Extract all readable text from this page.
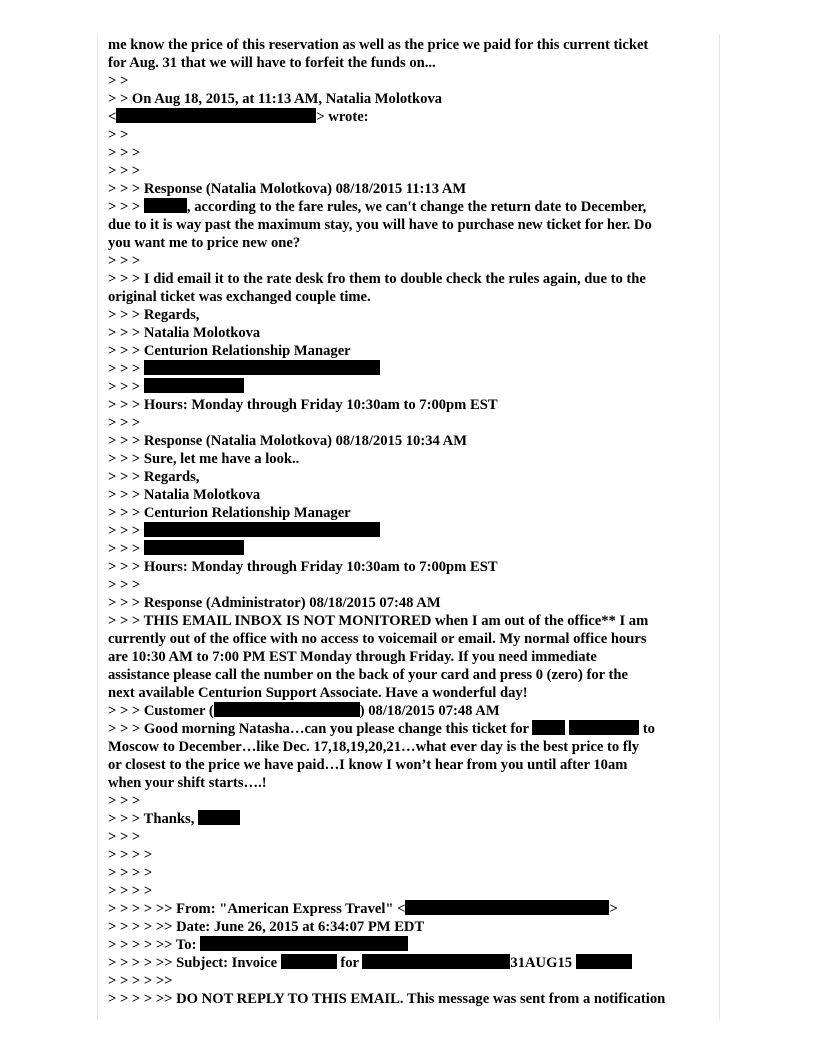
me know the price of this reservation as well as the price we paid for this current ticket
for Aug. 31 that we will have to forfeit the funds on...
> >
> > On Aug 18, 2015, at 11:13 AM, Natalia Molotkova
<	> wrote:
> >
> > >
> > >
> > > Response (Natalia Molotkova) 08/18/2015 11:13 AM
> > >	, according to the fare rules, we can't change the return date to December,
due to it is way past the maximum stay, you will have to purchase new ticket for her. Do
you want me to price new one?
> > >
> > > I did email it to the rate desk fro them to double check the rules again, due to the
original ticket was exchanged couple time.
> > > Regards,
> > > Natalia Molotkova
> > > Centurion Relationship Manager
> > >
> > >
> > > Hours: Monday through Friday 10:30am to 7:00pm EST
> > >
> > > Response (Natalia Molotkova) 08/18/2015 10:34 AM
> > > Sure, let me have a look..
> > > Regards,
> > > Natalia Molotkova
> > > Centurion Relationship Manager
> > >
> > >
> > > Hours: Monday through Friday 10:30am to 7:00pm EST
> > >
> > > Response (Administrator) 08/18/2015 07:48 AM
> > > THIS EMAIL INBOX IS NOT MONITORED when I am out of the office** I am
currently out of the office with no access to voicemail or email. My normal office hours
are 10:30 AM to 7:00 PM EST Monday through Friday. If you need immediate
assistance please call the number on the back of your card and press 0 (zero) for the
next available Centurion Support Associate. Have a wonderful day!
> > > Customer (	) 08/18/2015 07:48 AM
> > > Good morning Natasha…can you please change this ticket for	to
Moscow to December…like Dec. 17,18,19,20,21…what ever day is the best price to fly
or closest to the price we have paid…I know I won’t hear from you until after 10am
when your shift starts….!
> > >
> > > Thanks,
> > >
> > > >
> > > >
> > > >
> > > > >> From: "American Express Travel" <	>
> > > > >> Date: June 26, 2015 at 6:34:07 PM EDT
> > > > >> To:
> > > > >> Subject: Invoice	for	31AUG15
> > > > >>
> > > > >> DO NOT REPLY TO THIS EMAIL. This message was sent from a notification
